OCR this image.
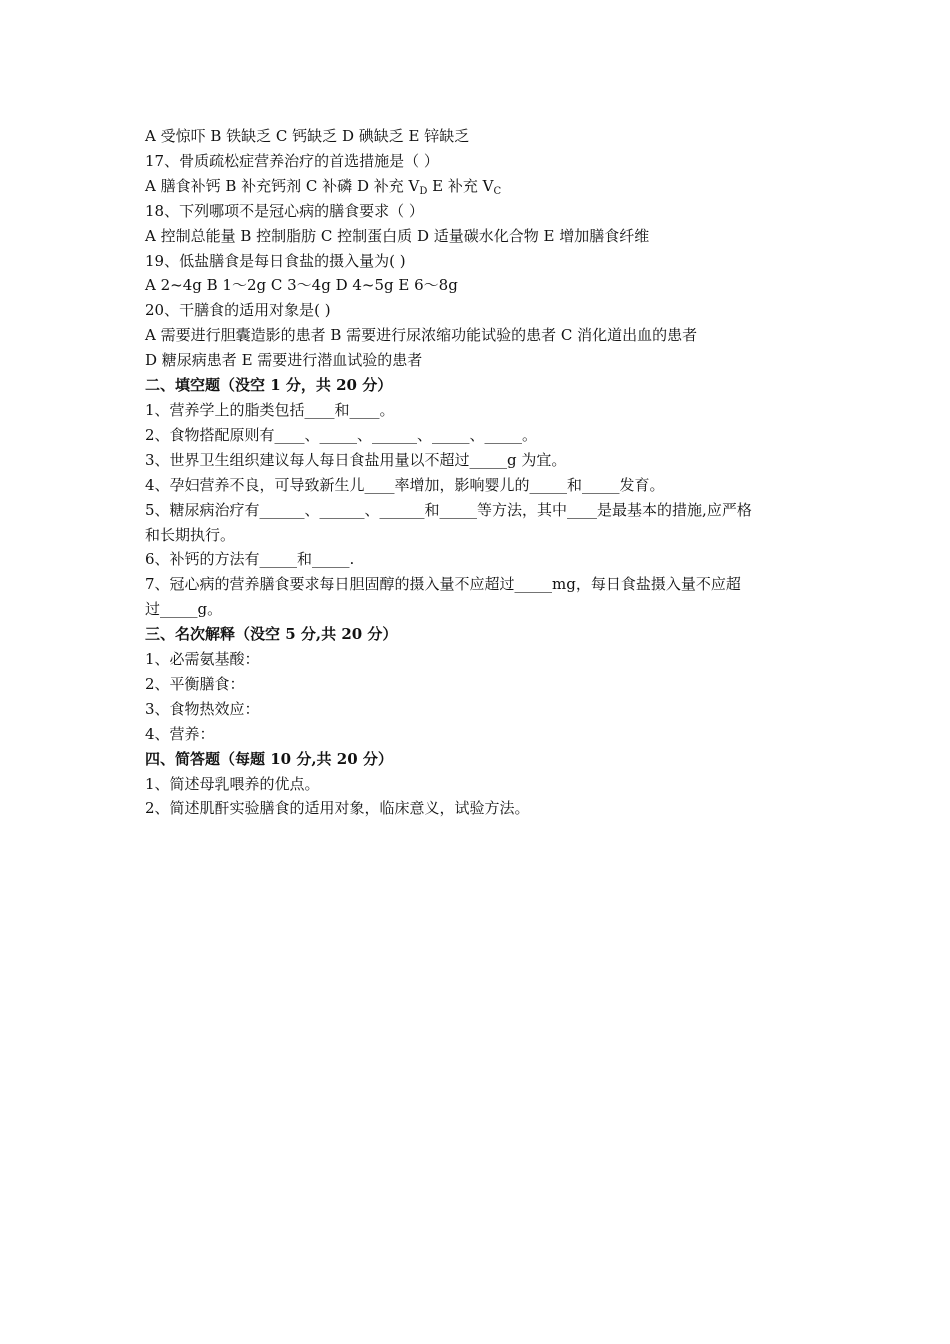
A 受惊吓 B 铁缺乏 C 钙缺乏 D 碘缺乏 E 锌缺乏
17、骨质疏松症营养治疗的首选措施是（ ）
A 膳食补钙 B 补充钙剂 C 补磷 D 补充 $V_D$ E 补充 $V_C$
18、下列哪项不是冠心病的膳食要求（ ）
A 控制总能量 B 控制脂肪 C 控制蛋白质 D 适量碳水化合物 E 增加膳食纤维
19、低盐膳食是每日食盐的摄入量为( )
A 2~4g B 1～2g C 3～4g D 4~5g E 6～8g
20、干膳食的适用对象是( )
A 需要进行胆囊造影的患者 B 需要进行尿浓缩功能试验的患者 C 消化道出血的患者
D 糖尿病患者 E 需要进行潜血试验的患者
二、填空题（没空 1 分，共 20 分）
1、营养学上的脂类包括____和____。
2、食物搭配原则有____、_____、______、_____、_____。
3、世界卫生组织建议每人每日食盐用量以不超过_____g 为宜。
4、孕妇营养不良，可导致新生儿____率增加，影响婴儿的_____和_____发育。
5、糖尿病治疗有______、______、______和_____等方法，其中____是最基本的措施,应严格
和长期执行。
6、补钙的方法有_____和_____.
7、冠心病的营养膳食要求每日胆固醇的摄入量不应超过_____mg，每日食盐摄入量不应超
过_____g。
三、名次解释（没空 5 分,共 20 分）
1、必需氨基酸：
2、平衡膳食：
3、食物热效应：
4、营养：
四、简答题（每题 10 分,共 20 分）
1、简述母乳喂养的优点。
2、简述肌酐实验膳食的适用对象，临床意义，试验方法。
